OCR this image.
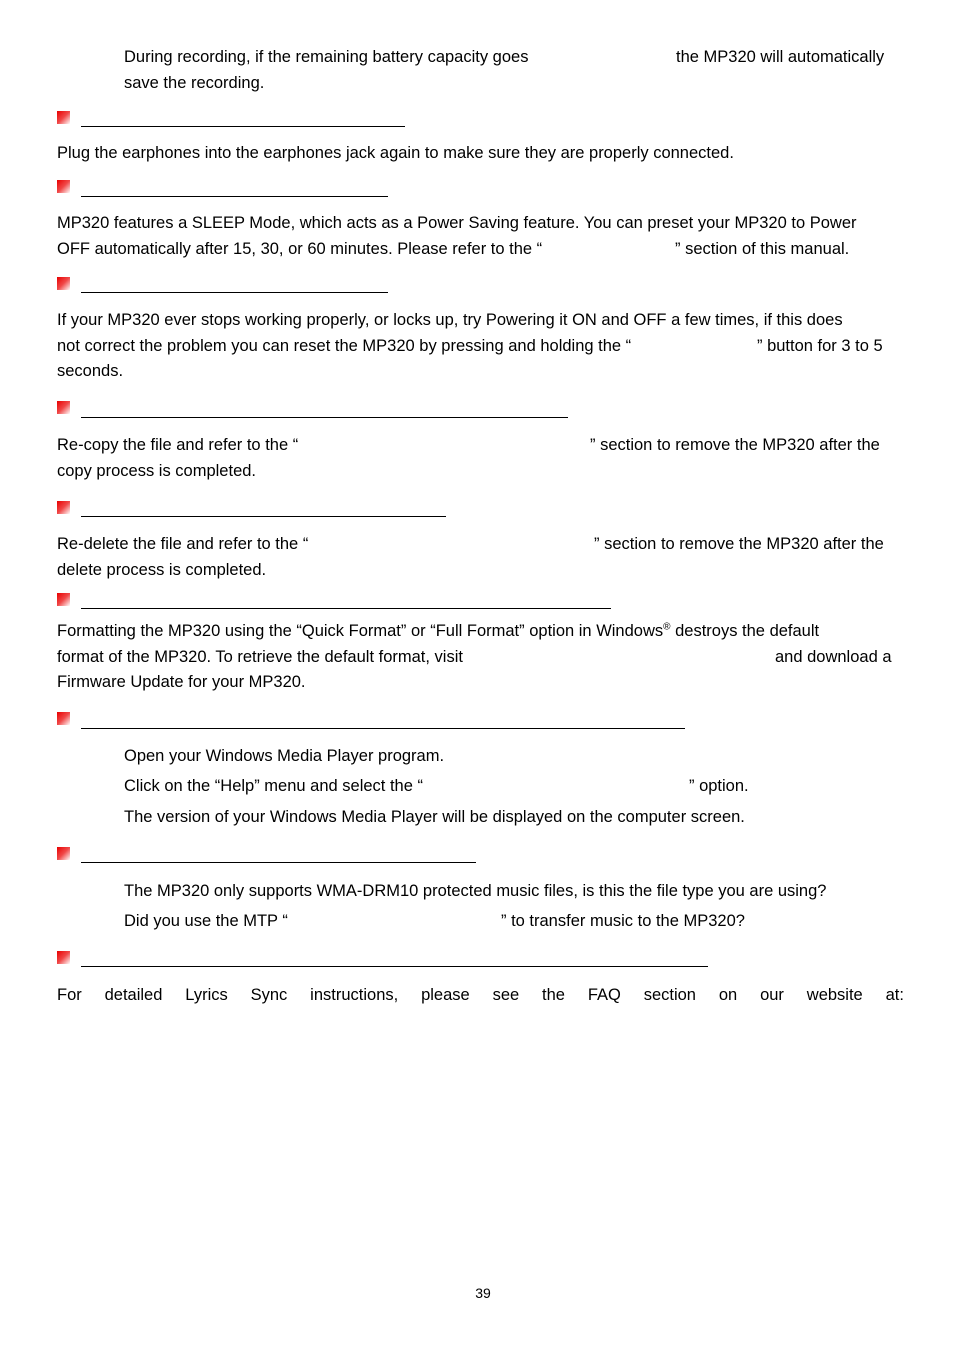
During recording, if the remaining battery capacity goes	the MP320 will automatically
save the recording.
Plug the earphones into the earphones jack again to make sure they are properly connected.
MP320 features a SLEEP Mode, which acts as a Power Saving feature. You can preset your MP320 to Power
OFF automatically after 15, 30, or 60 minutes. Please refer to the “	” section of this manual.
If your MP320 ever stops working properly, or locks up, try Powering it ON and OFF a few times, if this does
not correct the problem you can reset the MP320 by pressing and holding the “	” button for 3 to 5
seconds.
Re-copy the file and refer to the “	” section to remove the MP320 after the
copy process is completed.
Re-delete the file and refer to the “	” section to remove the MP320 after the
delete process is completed.
Formatting the MP320 using the “Quick Format” or “Full Format” option in Windows® destroys the default
format of the MP320. To retrieve the default format, visit	and download a
Firmware Update for your MP320.
Open your Windows Media Player program.
Click on the “Help” menu and select the “	” option.
The version of your Windows Media Player will be displayed on the computer screen.
The MP320 only supports WMA-DRM10 protected music files, is this the file type you are using?
Did you use the MTP “	” to transfer music to the MP320?
For detailed Lyrics Sync instructions, please see the FAQ section on our website at:
39
